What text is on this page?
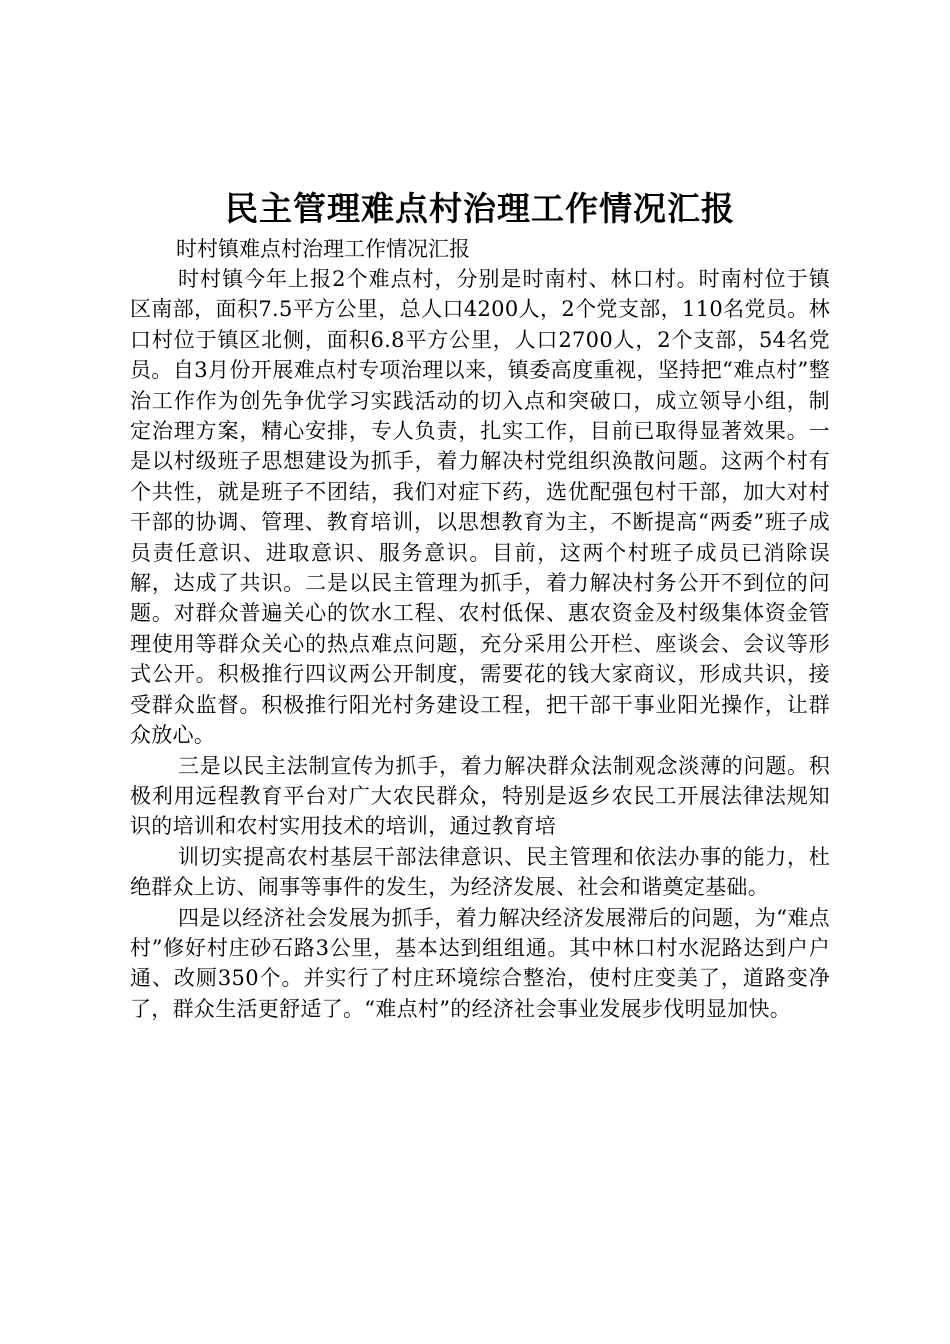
民主管理难点村治理工作情况汇报

时村镇难点村治理工作情况汇报

时村镇今年上报2个难点村，分别是时南村、林口村。时南村位于镇区南部，面积7.5平方公里，总人口4200人，2个党支部，110名党员。林口村位于镇区北侧，面积6.8平方公里，人口2700人，2个支部，54名党员。自3月份开展难点村专项治理以来，镇委高度重视，坚持把“难点村”整治工作作为创先争优学习实践活动的切入点和突破口，成立领导小组，制定治理方案，精心安排，专人负责，扎实工作，目前已取得显著效果。一是以村级班子思想建设为抓手，着力解决村党组织涣散问题。这两个村有个共性，就是班子不团结，我们对症下药，选优配强包村干部，加大对村干部的协调、管理、教育培训，以思想教育为主，不断提高“两委”班子成员责任意识、进取意识、服务意识。目前，这两个村班子成员已消除误解，达成了共识。二是以民主管理为抓手，着力解决村务公开不到位的问题。对群众普遍关心的饮水工程、农村低保、惠农资金及村级集体资金管理使用等群众关心的热点难点问题，充分采用公开栏、座谈会、会议等形式公开。积极推行四议两公开制度，需要花的钱大家商议，形成共识，接受群众监督。积极推行阳光村务建设工程，把干部干事业阳光操作，让群众放心。

三是以民主法制宣传为抓手，着力解决群众法制观念淡薄的问题。积极利用远程教育平台对广大农民群众，特别是返乡农民工开展法律法规知识的培训和农村实用技术的培训，通过教育培

训切实提高农村基层干部法律意识、民主管理和依法办事的能力，杜绝群众上访、闹事等事件的发生，为经济发展、社会和谐奠定基础。

四是以经济社会发展为抓手，着力解决经济发展滞后的问题，为“难点村”修好村庄砂石路3公里，基本达到组组通。其中林口村水泥路达到户户通、改厕350个。并实行了村庄环境综合整治，使村庄变美了，道路变净了，群众生活更舒适了。“难点村”的经济社会事业发展步伐明显加快。
